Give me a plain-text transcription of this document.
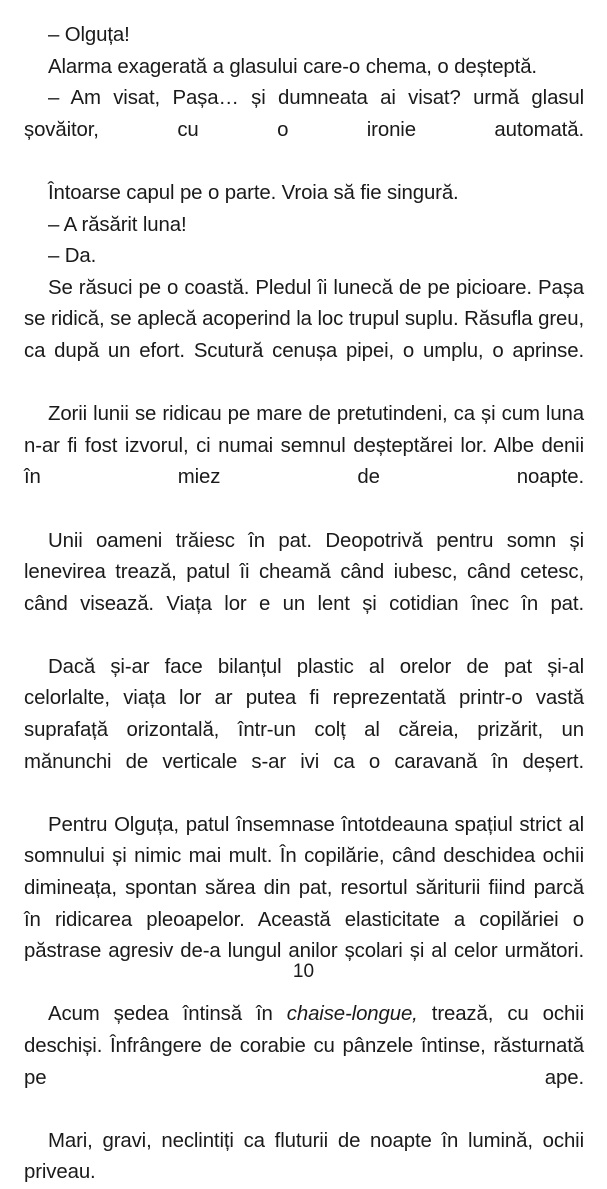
– Olguța!

Alarma exagerată a glasului care-o chema, o deșteptă.

– Am visat, Pașa… și dumneata ai visat? urmă glasul șovăitor, cu o ironie automată.

Întoarse capul pe o parte. Vroia să fie singură.

– A răsărit luna!

– Da.

Se răsuci pe o coastă. Pledul îi lunecă de pe picioare. Pașa se ridică, se aplecă acoperind la loc trupul suplu. Răsufla greu, ca după un efort. Scutură cenușa pipei, o umplu, o aprinse.

Zorii lunii se ridicau pe mare de pretutindeni, ca și cum luna n-ar fi fost izvorul, ci numai semnul deșteptărei lor. Albe denii în miez de noapte.

Unii oameni trăiesc în pat. Deopotrivă pentru somn și lenevirea trează, patul îi cheamă când iubesc, când cetesc, când visează. Viața lor e un lent și cotidian înec în pat.

Dacă și-ar face bilanțul plastic al orelor de pat și-al celorlalte, viața lor ar putea fi reprezentată printr-o vastă suprafață orizontală, într-un colț al căreia, prizărit, un mănunchi de verticale s-ar ivi ca o caravană în deșert.

Pentru Olguța, patul însemnase întotdeauna spațiul strict al somnului și nimic mai mult. În copilărie, când deschidea ochii dimineața, spontan sărea din pat, resortul săriturii fiind parcă în ridicarea pleoapelor. Această elasticitate a copilăriei o păstrase agresiv de-a lungul anilor școlari și al celor următori.

Acum ședea întinsă în chaise-longue, trează, cu ochii deschiși. Înfrângere de corabie cu pânzele întinse, răsturnată pe ape.

Mari, gravi, neclintiți ca fluturii de noapte în lumină, ochii priveau.

10
